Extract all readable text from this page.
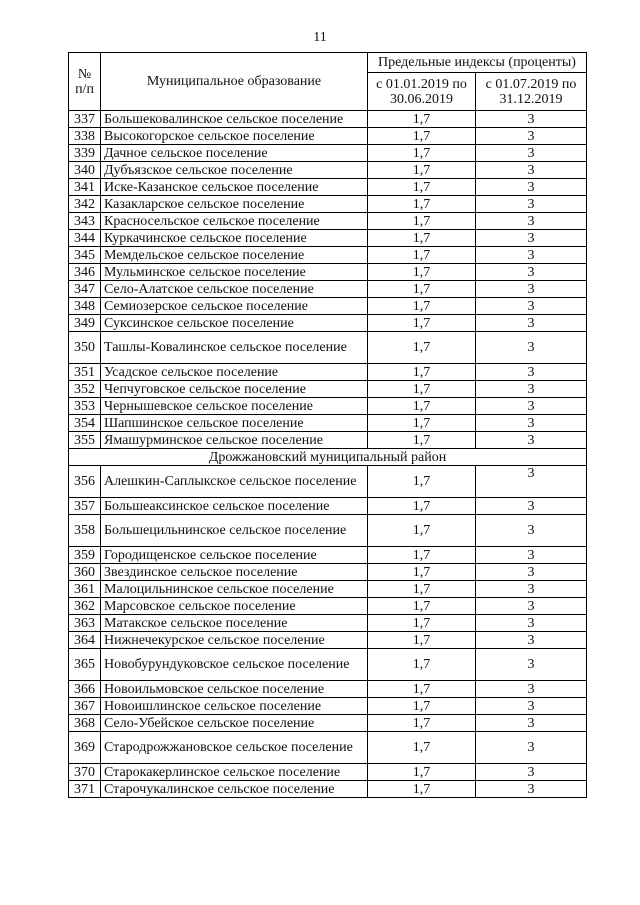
11
№ п/п	Муниципальное образование	Предельные индексы (проценты)	
		с 01.01.2019 по 30.06.2019	с 01.07.2019 по 31.12.2019
337	Большековалинское сельское поселение	1,7	3
338	Высокогорское сельское поселение	1,7	3
339	Дачное сельское поселение	1,7	3
340	Дубъязское сельское поселение	1,7	3
341	Иске-Казанское сельское поселение	1,7	3
342	Казакларское сельское поселение	1,7	3
343	Красносельское сельское поселение	1,7	3
344	Куркачинское сельское поселение	1,7	3
345	Мемдельское сельское поселение	1,7	3
346	Мульминское сельское поселение	1,7	3
347	Село-Алатское сельское поселение	1,7	3
348	Семиозерское сельское поселение	1,7	3
349	Суксинское сельское поселение	1,7	3
350	Ташлы-Ковалинское сельское поселение	1,7	3
351	Усадское сельское поселение	1,7	3
352	Чепчуговское сельское поселение	1,7	3
353	Чернышевское сельское поселение	1,7	3
354	Шапшинское сельское поселение	1,7	3
355	Ямашурминское сельское поселение	1,7	3
Дрожжановский муниципальный район			
356	Алешкин-Саплыкское сельское поселение	1,7	3
357	Большеаксинское сельское поселение	1,7	3
358	Большецильнинское сельское поселение	1,7	3
359	Городищенское сельское поселение	1,7	3
360	Звездинское сельское поселение	1,7	3
361	Малоцильнинское сельское поселение	1,7	3
362	Марсовское сельское поселение	1,7	3
363	Матакское сельское поселение	1,7	3
364	Нижнечекурское сельское поселение	1,7	3
365	Новобурундуковское сельское поселение	1,7	3
366	Новоильмовское сельское поселение	1,7	3
367	Новоишлинское сельское поселение	1,7	3
368	Село-Убейское сельское поселение	1,7	3
369	Стародрожжановское сельское поселение	1,7	3
370	Старокакерлинское сельское поселение	1,7	3
371	Старочукалинское сельское поселение	1,7	3
